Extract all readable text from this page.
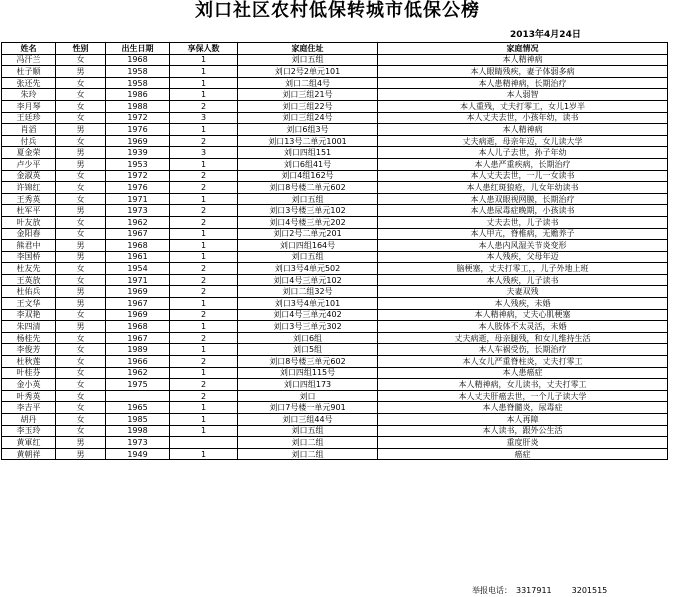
刘口社区农村低保转城市低保公榜
2013年4月24日
姓名	性别	出生日期	享保人数	家庭住址	家庭情况
冯汗兰	女	1968	1	刘口五组	本人精神病
杜子顺	男	1958	1	刘口2号2单元101	本人眼睛残疾，妻子体弱多病
张还先	女	1958	1	刘口二组4号	本人患精神病，长期治疗
朱玲	女	1986	1	刘口三组21号	本人弱智
李月琴	女	1988	2	刘口三组22号	本人重残，丈夫打零工，女儿1岁半
王廷珍	女	1972	3	刘口三组24号	本人丈夫去世，小孩年幼，读书
肖滔	男	1976	1	刘口6组3号	本人精神病
付兵	女	1969	2	刘口13号二单元1001	丈夫病逝，母亲年迈，女儿读大学
夏金荣	男	1939	3	刘口四组151	本人儿子去世，孙子年幼
卢少平	男	1953	1	刘口6组41号	本人患严重疾病，长期治疗
金淑英	女	1972	2	刘口4组162号	本人丈夫去世，一儿一女读书
许锦红	女	1976	2	刘口8号楼二单元602	本人患红斑狼疮，儿女年幼读书
王秀英	女	1971	1	刘口五组	本人患双眼视网膜，长期治疗
杜军平	男	1973	2	刘口3号楼三单元102	本人患尿毒症晚期，小孩读书
叶友放	女	1962	2	刘口4号楼三单元202	丈夫去世，儿子读书
金阳春	女	1967	1	刘口2号二单元201	本人甲亢，脊椎病，无赡养子
熊君中	男	1968	1	刘口四组164号	本人患内风湿关节炎变形
李国桥	男	1961	1	刘口五组	本人残疾，父母年迈
杜友先	女	1954	2	刘口3号4单元502	脑梗塞，丈夫打零工，，儿子外地上班
王英放	女	1971	2	刘口4号三单元102	本人残疾，儿子读书
杜佑兵	男	1969	2	刘口二组32号	夫妻双残
王文华	男	1967	1	刘口3号4单元101	本人残疾，未婚
李双艳	女	1969	2	刘口4号三单元402	本人精神病，丈夫心肌梗塞
朱四清	男	1968	1	刘口3号三单元302	本人肢体不太灵活，未婚
杨桂先	女	1967	2	刘口6组	丈夫病逝，母亲腿残，和女儿维持生活
李俊芳	女	1989	1	刘口5组	本人车祸受伤，长期治疗
杜秋莲	女	1966	2	刘口8号楼三单元602	本人女儿严重脊柱炎，丈夫打零工
叶桂芬	女	1962	1	刘口四组115号	本人患癌症
金小英	女	1975	2	刘口四组173	本人精神病，女儿读书，丈夫打零工
叶秀英	女		2	刘口	本人丈夫肝癌去世，一个儿子读大学
李吉平	女	1965	1	刘口7号楼一单元901	本人患脊髓炎，尿毒症
胡丹	女	1985	1	刘口三组44号	本人再障
李玉玲	女	1998	1	刘口五组	本人读书，跟外公生活
黄軍红	男	1973		刘口二组	重度肝炎
黄朝祥	男	1949	1	刘口二组	癌症
举报电话： 3317911	3201515
